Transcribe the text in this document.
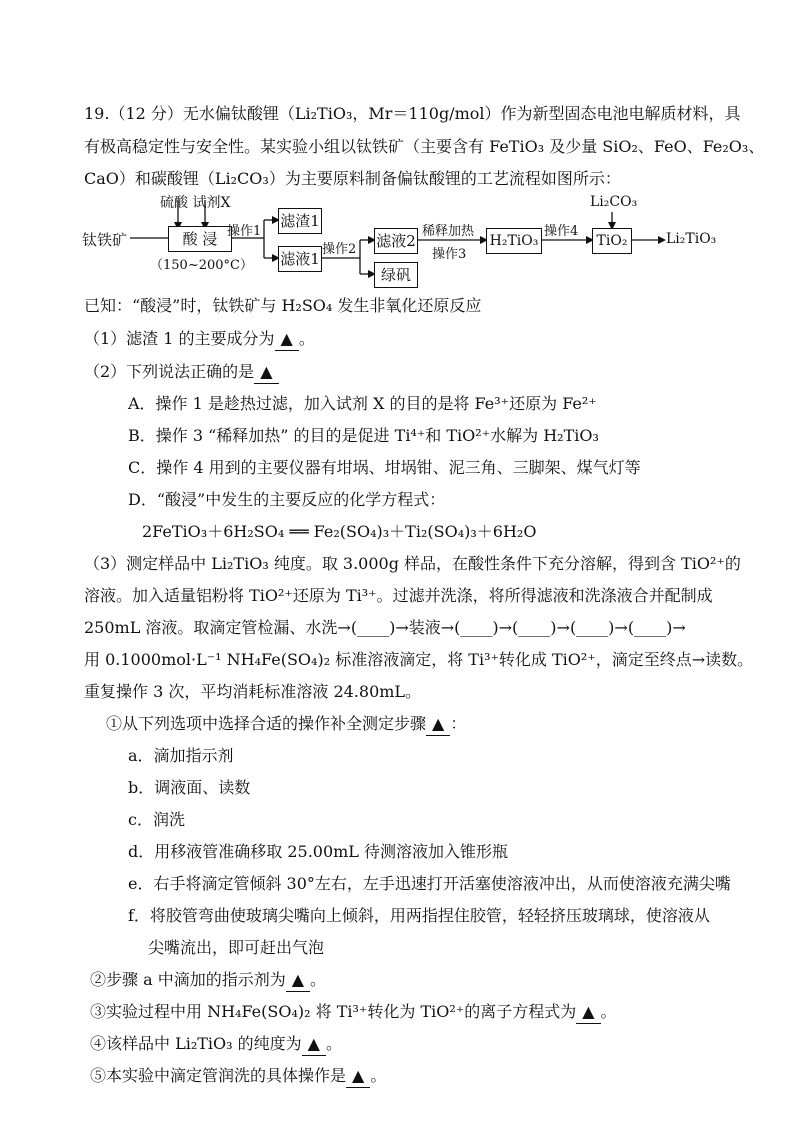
19.（12 分）无水偏钛酸锂（Li₂TiO₃，Mr＝110g/mol）作为新型固态电池电解质材料，具
有极高稳定性与安全性。某实验小组以钛铁矿（主要含有 FeTiO₃ 及少量 SiO₂、FeO、Fe₂O₃、
CaO）和碳酸锂（Li₂CO₃）为主要原料制备偏钛酸锂的工艺流程如图所示：
钛铁矿
硫酸 试剂X
酸 浸
（150~200°C）
操作1
滤渣1
滤液1
操作2 滤液2
绿矾
稀释加热
操作3
H₂TiO₃
操作4
Li₂CO₃
TiO₂	Li₂TiO₃
已知：“酸浸”时，钛铁矿与 H₂SO₄ 发生非氧化还原反应
（1）滤渣 1 的主要成分为 ▲ 。
（2）下列说法正确的是 ▲
A．操作 1 是趁热过滤，加入试剂 X 的目的是将 Fe³⁺还原为 Fe²⁺
B．操作 3 “稀释加热” 的目的是促进 Ti⁴⁺和 TiO²⁺水解为 H₂TiO₃
C．操作 4 用到的主要仪器有坩埚、坩埚钳、泥三角、三脚架、煤气灯等
D．“酸浸”中发生的主要反应的化学方程式：
2FeTiO₃＋6H₂SO₄ ══ Fe₂(SO₄)₃＋Ti₂(SO₄)₃＋6H₂O
（3）测定样品中 Li₂TiO₃ 纯度。取 3.000g 样品，在酸性条件下充分溶解，得到含 TiO²⁺的
溶液。加入适量铝粉将 TiO²⁺还原为 Ti³⁺。过滤并洗涤，将所得滤液和洗涤液合并配制成
250mL 溶液。取滴定管检漏、水洗→(____)→装液→(____)→(____)→(____)→(____)→
用 0.1000mol·L⁻¹ NH₄Fe(SO₄)₂ 标准溶液滴定，将 Ti³⁺转化成 TiO²⁺，滴定至终点→读数。
重复操作 3 次，平均消耗标准溶液 24.80mL。
①从下列选项中选择合适的操作补全测定步骤 ▲ ：
a．滴加指示剂
b．调液面、读数
c．润洗
d．用移液管准确移取 25.00mL 待测溶液加入锥形瓶
e．右手将滴定管倾斜 30°左右，左手迅速打开活塞使溶液冲出，从而使溶液充满尖嘴
f．将胶管弯曲使玻璃尖嘴向上倾斜，用两指捏住胶管，轻轻挤压玻璃球，使溶液从
尖嘴流出，即可赶出气泡
②步骤 a 中滴加的指示剂为 ▲ 。
③实验过程中用 NH₄Fe(SO₄)₂ 将 Ti³⁺转化为 TiO²⁺的离子方程式为 ▲ 。
④该样品中 Li₂TiO₃ 的纯度为 ▲ 。
⑤本实验中滴定管润洗的具体操作是 ▲ 。
